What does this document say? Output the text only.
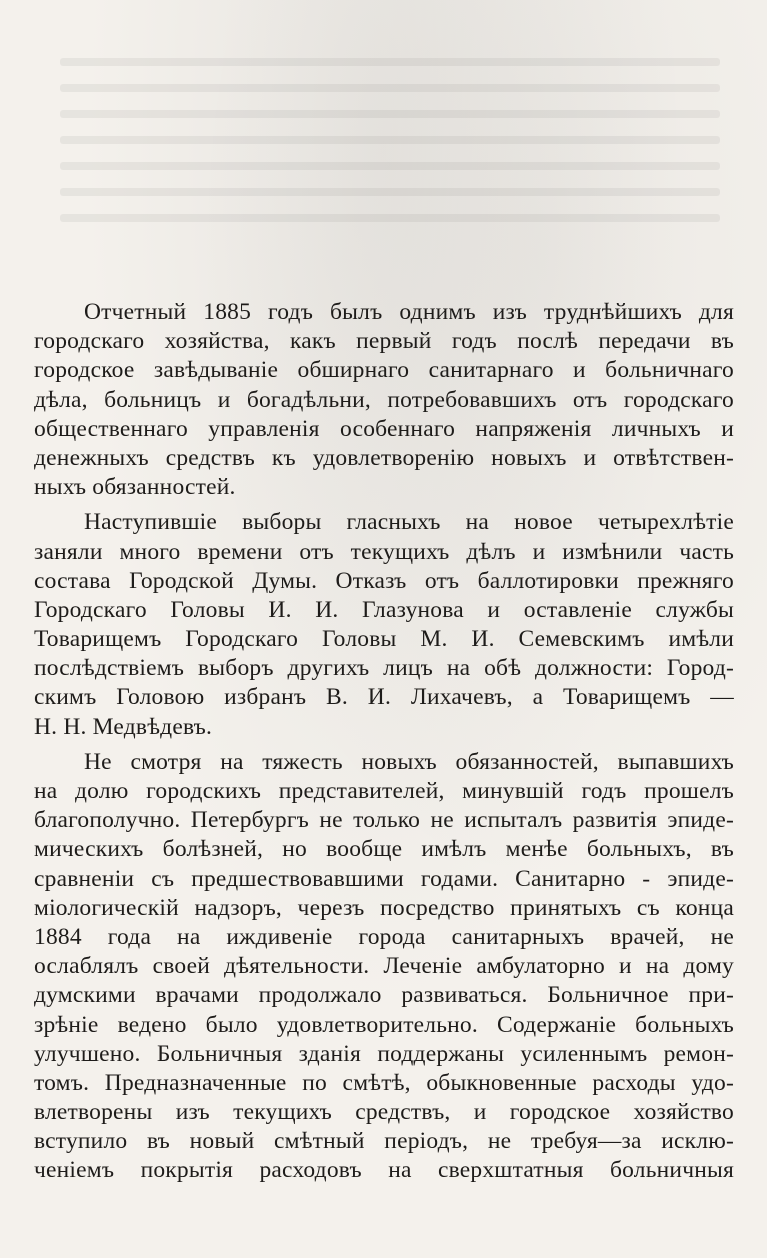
Отчетный 1885 годъ былъ однимъ изъ труднѣйшихъ для
городскаго хозяйства, какъ первый годъ послѣ передачи въ
городское завѣдываніе обширнаго санитарнаго и больничнаго
дѣла, больницъ и богадѣльни, потребовавшихъ отъ городскаго
общественнаго управленія особеннаго напряженія личныхъ и
денежныхъ средствъ къ удовлетворенію новыхъ и отвѣтствен-
ныхъ обязанностей.
Наступившіе выборы гласныхъ на новое четырехлѣтіе
заняли много времени отъ текущихъ дѣлъ и измѣнили часть
состава Городской Думы. Отказъ отъ баллотировки прежняго
Городскаго Головы И. И. Глазунова и оставленіе службы
Товарищемъ Городскаго Головы М. И. Семевскимъ имѣли
послѣдствіемъ выборъ другихъ лицъ на обѣ должности: Город-
скимъ Головою избранъ В. И. Лихачевъ, а Товарищемъ —
Н. Н. Медвѣдевъ.
Не смотря на тяжесть новыхъ обязанностей, выпавшихъ
на долю городскихъ представителей, минувшій годъ прошелъ
благополучно. Петербургъ не только не испыталъ развитія эпиде-
мическихъ болѣзней, но вообще имѣлъ менѣе больныхъ, въ
сравненіи съ предшествовавшими годами. Санитарно - эпиде-
міологическій надзоръ, черезъ посредство принятыхъ съ конца
1884 года на иждивеніе города санитарныхъ врачей, не
ослаблялъ своей дѣятельности. Леченіе амбулаторно и на дому
думскими врачами продолжало развиваться. Больничное при-
зрѣніе ведено было удовлетворительно. Содержаніе больныхъ
улучшено. Больничныя зданія поддержаны усиленнымъ ремон-
томъ. Предназначенные по смѣтѣ, обыкновенные расходы удо-
влетворены изъ текущихъ средствъ, и городское хозяйство
вступило въ новый смѣтный періодъ, не требуя—за исклю-
ченіемъ покрытія расходовъ на сверхштатныя больничныя
